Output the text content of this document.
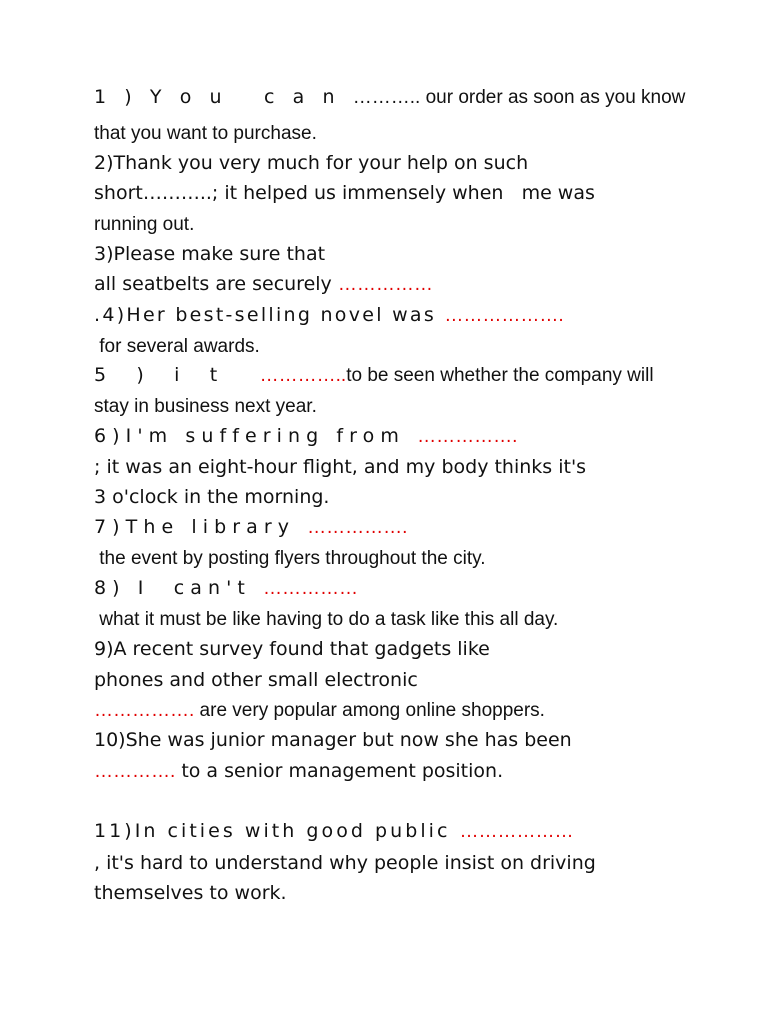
1 ) Y o u   c a n ……….. our order as soon as you know
that you want to purchase.
2)Thank you very much for your help on such
short………..; it helped us immensely when   me was
running out.
3)Please make sure that
all seatbelts are securely ……………
.4)Her best-selling novel was ……………….
for several awards.
5  )  i  t   …………..to be seen whether the company will
stay in business next year.
6)I'm suffering from …………….
; it was an eight-hour flight, and my body thinks it's
3 o'clock in the morning.
7)The library …………….
the event by posting flyers throughout the city.
8) I  can't ……………
what it must be like having to do a task like this all day.
9)A recent survey found that gadgets like
phones and other small electronic
……………. are very popular among online shoppers.
10)She was junior manager but now she has been
…………. to a senior management position.
11)In cities with good public ………………
, it's hard to understand why people insist on driving
themselves to work.
